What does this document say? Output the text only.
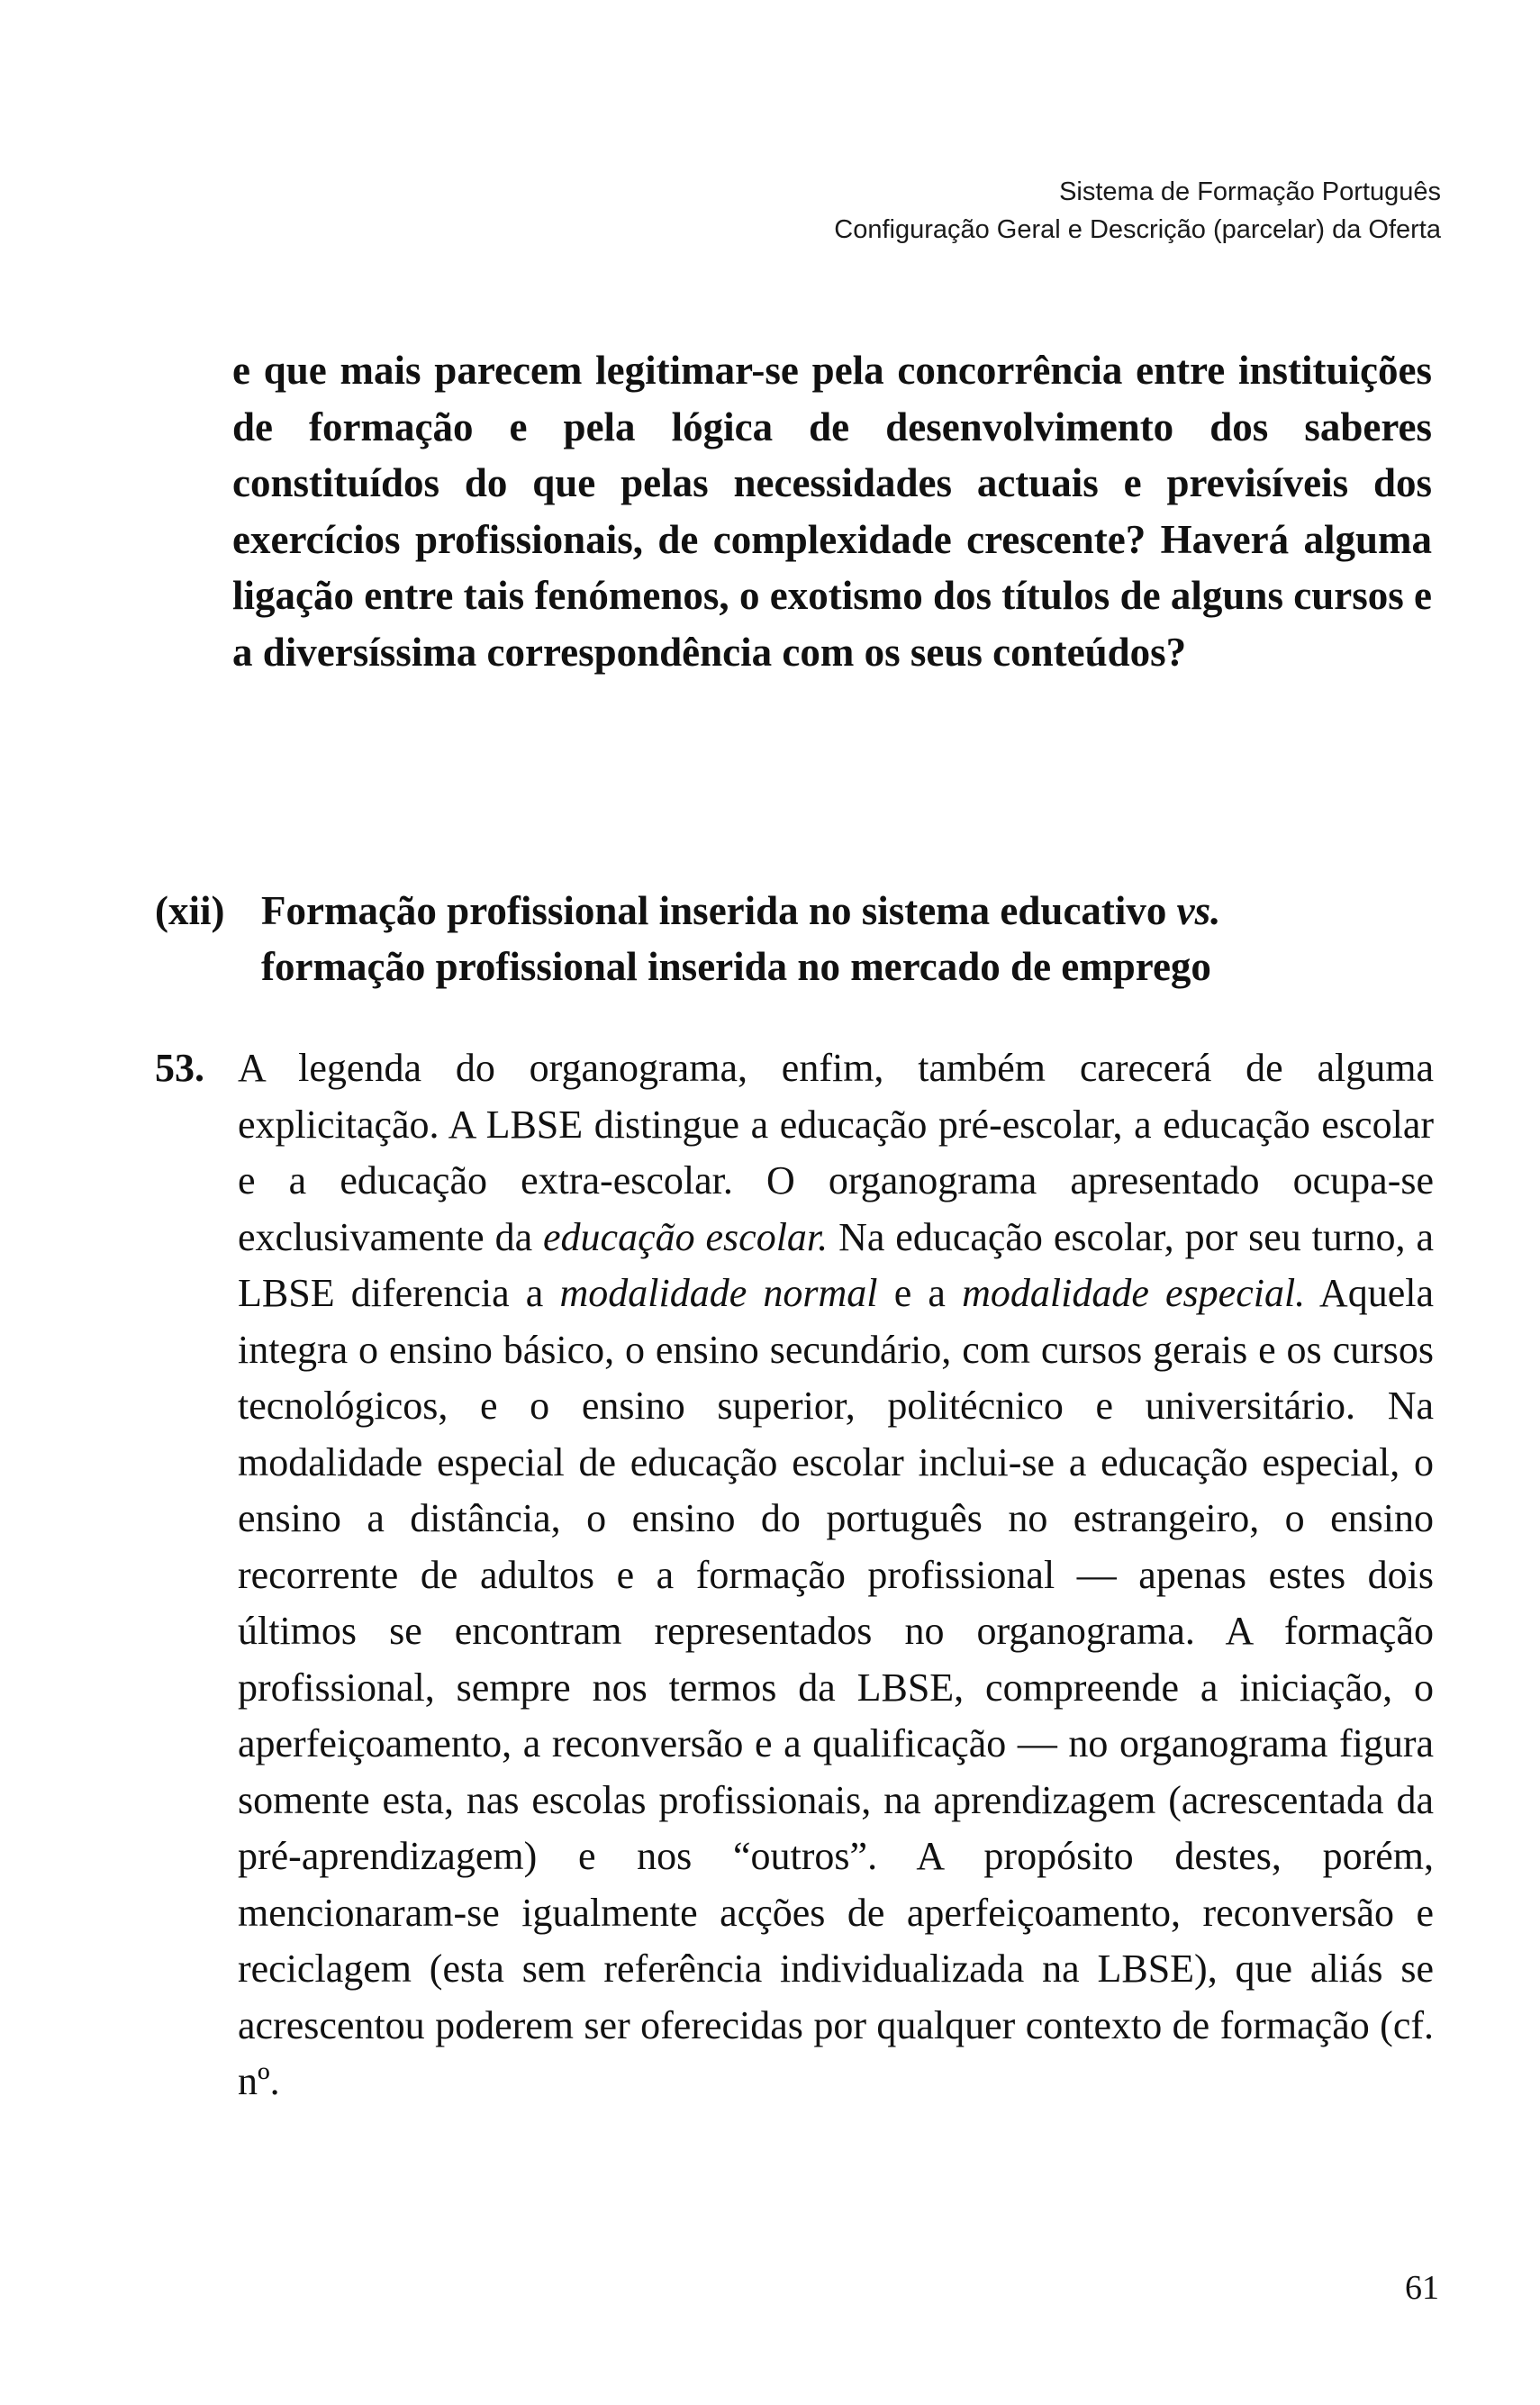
Sistema de Formação Português
Configuração Geral e Descrição (parcelar) da Oferta

e que mais parecem legitimar-se pela concorrência entre instituições de formação e pela lógica de desenvolvimento dos saberes constituídos do que pelas necessidades actuais e previsíveis dos exercícios profissionais, de complexidade crescente? Haverá alguma ligação entre tais fenómenos, o exotismo dos títulos de alguns cursos e a diversíssima correspondência com os seus conteúdos?

(xii) Formação profissional inserida no sistema educativo vs.
formação profissional inserida no mercado de emprego
53. A legenda do organograma, enfim, também carecerá de alguma explicitação. A LBSE distingue a educação pré-escolar, a educação escolar e a educação extra-escolar. O organograma apresentado ocupa-se exclusivamente da educação escolar. Na educação escolar, por seu turno, a LBSE diferencia a modalidade normal e a modalidade especial. Aquela integra o ensino básico, o ensino secundário, com cursos gerais e os cursos tecnológicos, e o ensino superior, politécnico e universitário. Na modalidade especial de educação escolar inclui-se a educação especial, o ensino a distância, o ensino do português no estrangeiro, o ensino recorrente de adultos e a formação profissional — apenas estes dois últimos se encontram representados no organograma. A formação profissional, sempre nos termos da LBSE, compreende a iniciação, o aperfeiçoamento, a reconversão e a qualificação — no organograma figura somente esta, nas escolas profissionais, na aprendizagem (acrescentada da pré-aprendizagem) e nos “outros”. A propósito destes, porém, mencionaram-se igualmente acções de aperfeiçoamento, reconversão e reciclagem (esta sem referência individualizada na LBSE), que aliás se acrescentou poderem ser oferecidas por qualquer contexto de formação (cf. nº.

61
